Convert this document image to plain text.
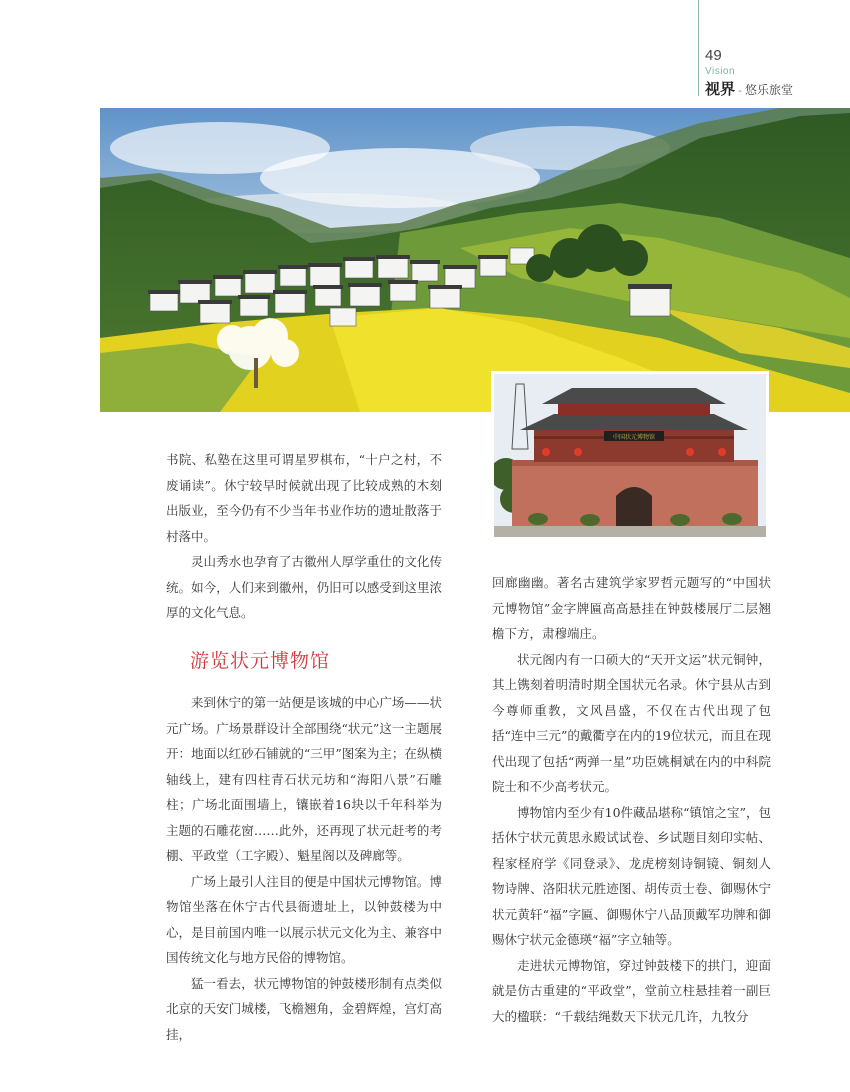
49
Vision
视界 - 悠乐旅堂
中国状元博物馆

书院、私塾在这里可谓星罗棋布，“十户之村，不废诵读”。休宁较早时候就出现了比较成熟的木刻出版业，至今仍有不少当年书业作坊的遗址散落于村落中。

灵山秀水也孕育了古徽州人厚学重仕的文化传统。如今，人们来到徽州，仍旧可以感受到这里浓厚的文化气息。

游览状元博物馆

来到休宁的第一站便是该城的中心广场——状元广场。广场景群设计全部围绕“状元”这一主题展开：地面以红砂石铺就的“三甲”图案为主；在纵横轴线上，建有四柱青石状元坊和“海阳八景”石雕柱；广场北面围墙上，镶嵌着16块以千年科举为主题的石雕花窗……此外，还再现了状元赶考的考棚、平政堂（工字殿）、魁星阁以及碑廊等。

广场上最引人注目的便是中国状元博物馆。博物馆坐落在休宁古代县衙遗址上，以钟鼓楼为中心，是目前国内唯一以展示状元文化为主、兼容中国传统文化与地方民俗的博物馆。

猛一看去，状元博物馆的钟鼓楼形制有点类似北京的天安门城楼，飞檐翘角，金碧辉煌，宫灯高挂，

回廊幽幽。著名古建筑学家罗哲元题写的“中国状元博物馆”金字牌匾高高悬挂在钟鼓楼展厅二层翘檐下方，肃穆端庄。

状元阁内有一口硕大的“天开文运”状元铜钟，其上镌刻着明清时期全国状元名录。休宁县从古到今尊师重教，文风昌盛，不仅在古代出现了包括“连中三元”的戴衢亨在内的19位状元，而且在现代出现了包括“两弹一星”功臣姚桐斌在内的中科院院士和不少高考状元。

博物馆内至少有10件藏品堪称“镇馆之宝”，包括休宁状元黄思永殿试试卷、乡试题目刻印实帖、程家柽府学《同登录》、龙虎榜刻诗铜镜、铜刻人物诗牌、洛阳状元胜迹图、胡传贡士卷、御赐休宁状元黄轩“福”字匾、御赐休宁八品顶戴军功牌和御赐休宁状元金德瑛“福”字立轴等。

走进状元博物馆，穿过钟鼓楼下的拱门，迎面就是仿古重建的“平政堂”，堂前立柱悬挂着一副巨大的楹联：“千载结绳数天下状元几许，九牧分
